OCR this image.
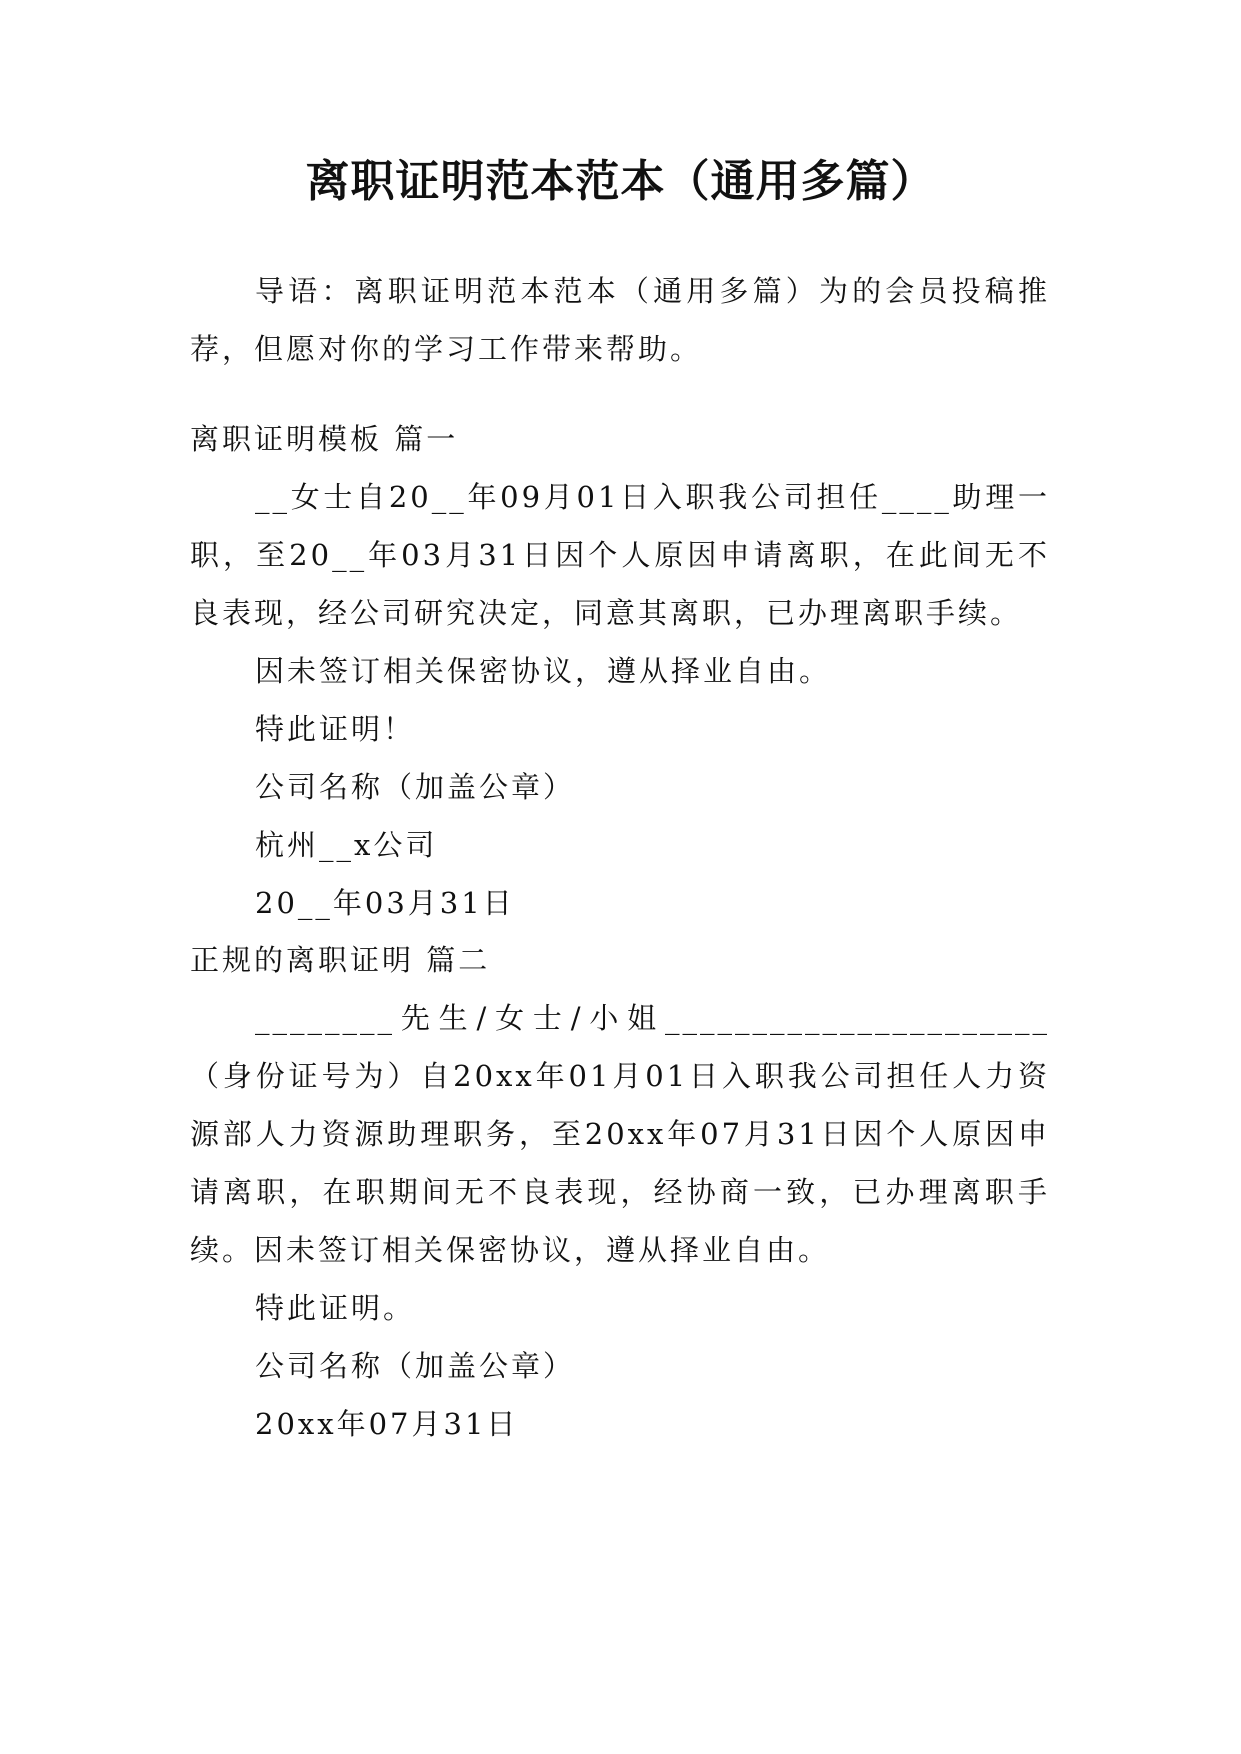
离职证明范本范本（通用多篇）

导语：离职证明范本范本（通用多篇）为的会员投稿推荐，但愿对你的学习工作带来帮助。

离职证明模板 篇一

__女士自20__年09月01日入职我公司担任____助理一职，至20__年03月31日因个人原因申请离职，在此间无不良表现，经公司研究决定，同意其离职，已办理离职手续。

因未签订相关保密协议，遵从择业自由。

特此证明！

公司名称（加盖公章）

杭州__x公司

20__年03月31日

正规的离职证明 篇二

________先生/女士/小姐______________________（身份证号为）自20xx年01月01日入职我公司担任人力资源部人力资源助理职务，至20xx年07月31日因个人原因申请离职，在职期间无不良表现，经协商一致，已办理离职手续。因未签订相关保密协议，遵从择业自由。

特此证明。

公司名称（加盖公章）

20xx年07月31日
